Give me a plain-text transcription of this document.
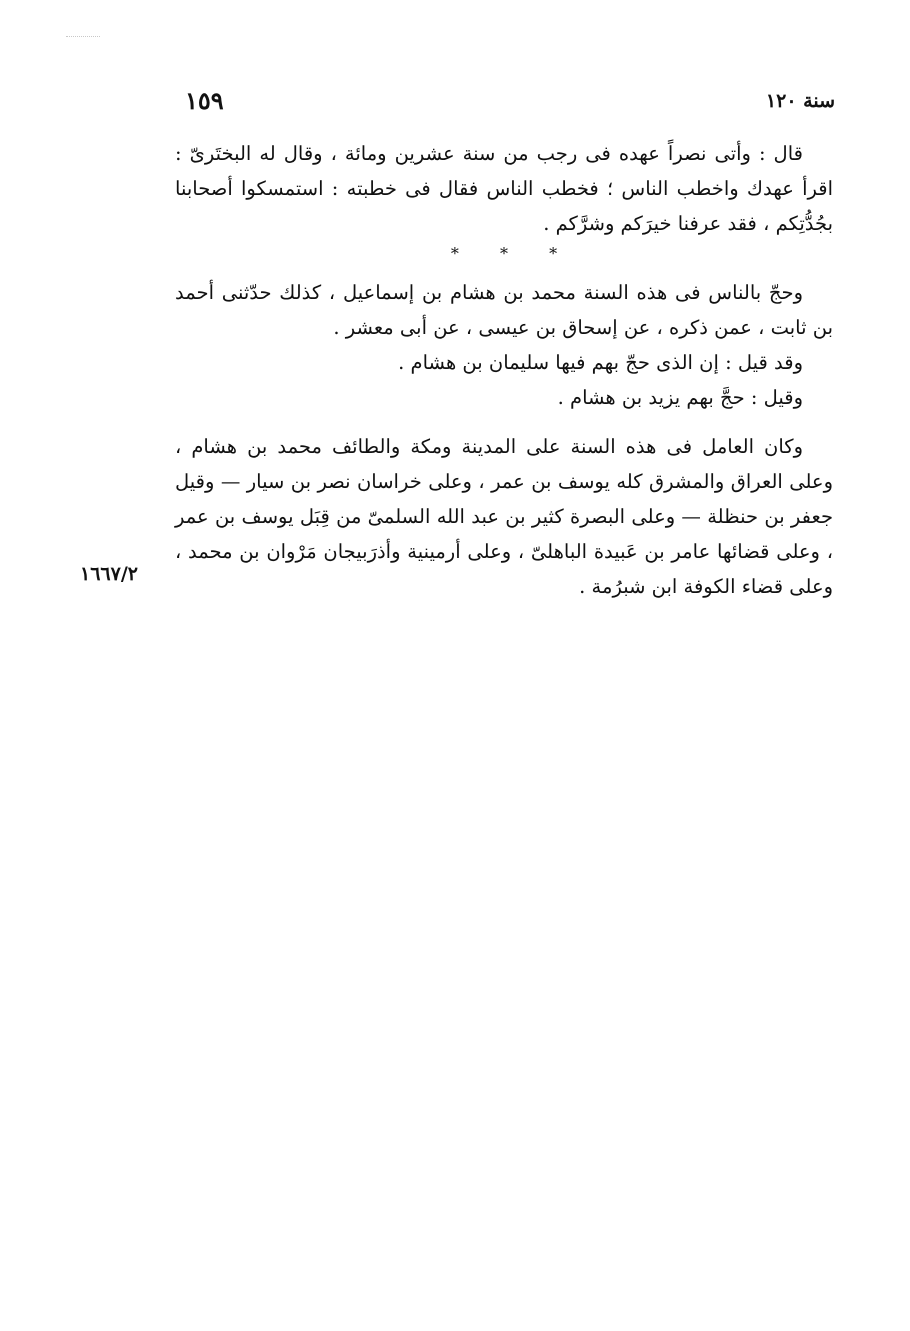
سنة ١٢٠
١٥٩
١٦٦٧/٢

قال : وأتى نصراً عهده فى رجب من سنة عشرين ومائة ، وقال له البختَرىّ : اقرأ عهدك واخطب الناس ؛ فخطب الناس فقال فى خطبته : استمسكوا أصحابنا بجُدُّتِكم ، فقد عرفنا خيرَكم وشرَّكم .

* * *

وحجّ بالناس فى هذه السنة محمد بن هشام بن إسماعيل ، كذلك حدّثنى أحمد بن ثابت ، عمن ذكره ، عن إسحاق بن عيسى ، عن أبى معشر .

وقد قيل : إن الذى حجّ بهم فيها سليمان بن هشام .

وقيل : حجَّ بهم يزيد بن هشام .

وكان العامل فى هذه السنة على المدينة ومكة والطائف محمد بن هشام ، وعلى العراق والمشرق كله يوسف بن عمر ، وعلى خراسان نصر بن سيار — وقيل جعفر بن حنظلة — وعلى البصرة كثير بن عبد الله السلمىّ من قِبَل يوسف بن عمر ، وعلى قضائها عامر بن عَبيدة الباهلىّ ، وعلى أرمينية وأذرَبيجان مَرْوان بن محمد ، وعلى قضاء الكوفة ابن شبرُمة .
